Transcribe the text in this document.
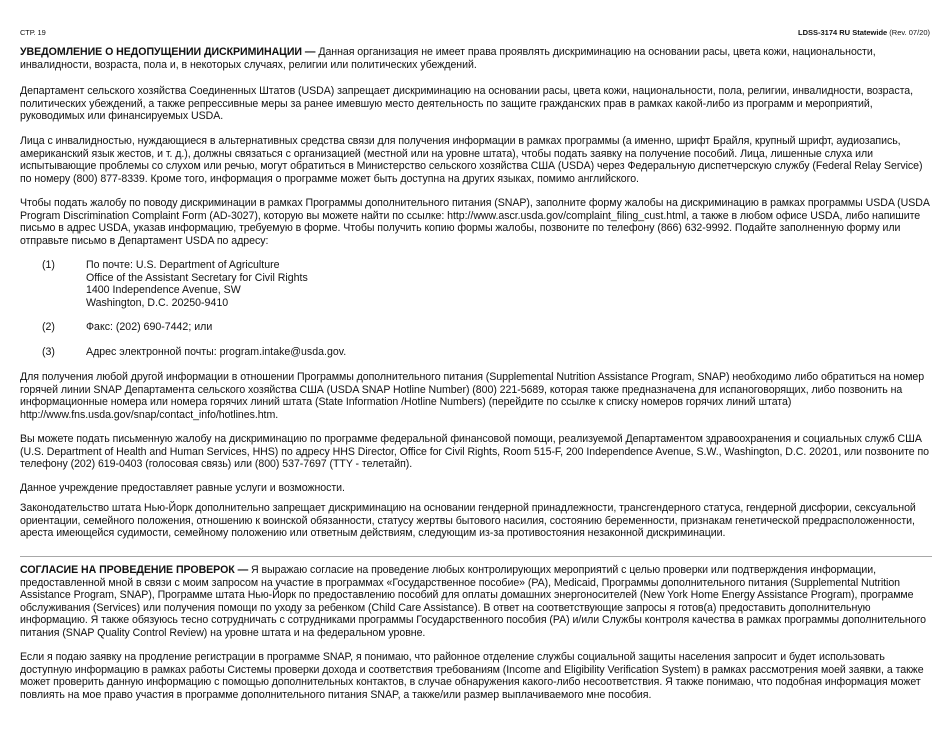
СТР. 19	LDSS-3174 RU Statewide (Rev. 07/20)

УВЕДОМЛЕНИЕ О НЕДОПУЩЕНИИ ДИСКРИМИНАЦИИ — Данная организация не имеет права проявлять дискриминацию на основании расы, цвета кожи, национальности, инвалидности, возраста, пола и, в некоторых случаях, религии или политических убеждений.

Департамент сельского хозяйства Соединенных Штатов (USDA) запрещает дискриминацию на основании расы, цвета кожи, национальности, пола, религии, инвалидности, возраста, политических убеждений, а также репрессивные меры за ранее имевшую место деятельность по защите гражданских прав в рамках какой-либо из программ и мероприятий, руководимых или финансируемых USDA.

Лица с инвалидностью, нуждающиеся в альтернативных средства связи для получения информации в рамках программы (а именно, шрифт Брайля, крупный шрифт, аудиозапись, американский язык жестов, и т. д.), должны связаться с организацией (местной или на уровне штата), чтобы подать заявку на получение пособий. Лица, лишенные слуха или испытывающие проблемы со слухом или речью, могут обратиться в Министерство сельского хозяйства США (USDA) через Федеральную диспетчерскую службу (Federal Relay Service) по номеру (800) 877-8339. Кроме того, информация о программе может быть доступна на других языках, помимо английского.

Чтобы подать жалобу по поводу дискриминации в рамках Программы дополнительного питания (SNAP), заполните форму жалобы на дискриминацию в рамках программы USDA (USDA Program Discrimination Complaint Form (AD-3027), которую вы можете найти по ссылке: http://www.ascr.usda.gov/complaint_filing_cust.html, а также в любом офисе USDA, либо напишите письмо в адрес USDA, указав информацию, требуемую в форме. Чтобы получить копию формы жалобы, позвоните по телефону (866) 632-9992. Подайте заполненную форму или отправьте письмо в Департамент USDA по адресу:

(1)	По почте: U.S. Department of Agriculture
Office of the Assistant Secretary for Civil Rights
1400 Independence Avenue, SW
Washington, D.C. 20250-9410
(2)	Факс: (202) 690-7442; или
(3)	Адрес электронной почты: program.intake@usda.gov.

Для получения любой другой информации в отношении Программы дополнительного питания (Supplemental Nutrition Assistance Program, SNAP) необходимо либо обратиться на номер горячей линии SNAP Департамента сельского хозяйства США (USDA SNAP Hotline Number) (800) 221-5689, которая также предназначена для испаноговорящих, либо позвонить на информационные номера или номера горячих линий штата (State Information /Hotline Numbers) (перейдите по ссылке к списку номеров горячих линий штата) http://www.fns.usda.gov/snap/contact_info/hotlines.htm.

Вы можете подать письменную жалобу на дискриминацию по программе федеральной финансовой помощи, реализуемой Департаментом здравоохранения и социальных служб США (U.S. Department of Health and Human Services, HHS) по адресу HHS Director, Office for Civil Rights, Room 515-F, 200 Independence Avenue, S.W., Washington, D.C. 20201, или позвоните по телефону (202) 619-0403 (голосовая связь) или (800) 537-7697 (TTY - телетайп).

Данное учреждение предоставляет равные услуги и возможности.

Законодательство штата Нью-Йорк дополнительно запрещает дискриминацию на основании гендерной принадлежности, трансгендерного статуса, гендерной дисфории, сексуальной ориентации, семейного положения, отношению к воинской обязанности, статусу жертвы бытового насилия, состоянию беременности, признакам генетической предрасположенности, ареста имеющейся судимости, семейному положению или ответным действиям, следующим из-за противостояния незаконной дискриминации.

СОГЛАСИЕ НА ПРОВЕДЕНИЕ ПРОВЕРОК — Я выражаю согласие на проведение любых контролирующих мероприятий с целью проверки или подтверждения информации, предоставленной мной в связи с моим запросом на участие в программах «Государственное пособие» (PA), Medicaid, Программы дополнительного питания (Supplemental Nutrition Assistance Program, SNAP), Программе штата Нью-Йорк по предоставлению пособий для оплаты домашних энергоносителей (New York Home Energy Assistance Program), программе обслуживания (Services) или получения помощи по уходу за ребенком (Child Care Assistance). В ответ на соответствующие запросы я готов(а) предоставить дополнительную информацию. Я также обязуюсь тесно сотрудничать с сотрудниками программы Государственного пособия (PA) и/или Службы контроля качества в рамках программы дополнительного питания (SNAP Quality Control Review) на уровне штата и на федеральном уровне.

Если я подаю заявку на продление регистрации в программе SNAP, я понимаю, что районное отделение службы социальной защиты населения запросит и будет использовать доступную информацию в рамках работы Системы проверки дохода и соответствия требованиям (Income and Eligibility Verification System) в рамках рассмотрения моей заявки, а также может проверить данную информацию с помощью дополнительных контактов, в случае обнаружения какого-либо несоответствия. Я также понимаю, что подобная информация может повлиять на мое право участия в программе дополнительного питания SNAP, а также/или размер выплачиваемого мне пособия.
